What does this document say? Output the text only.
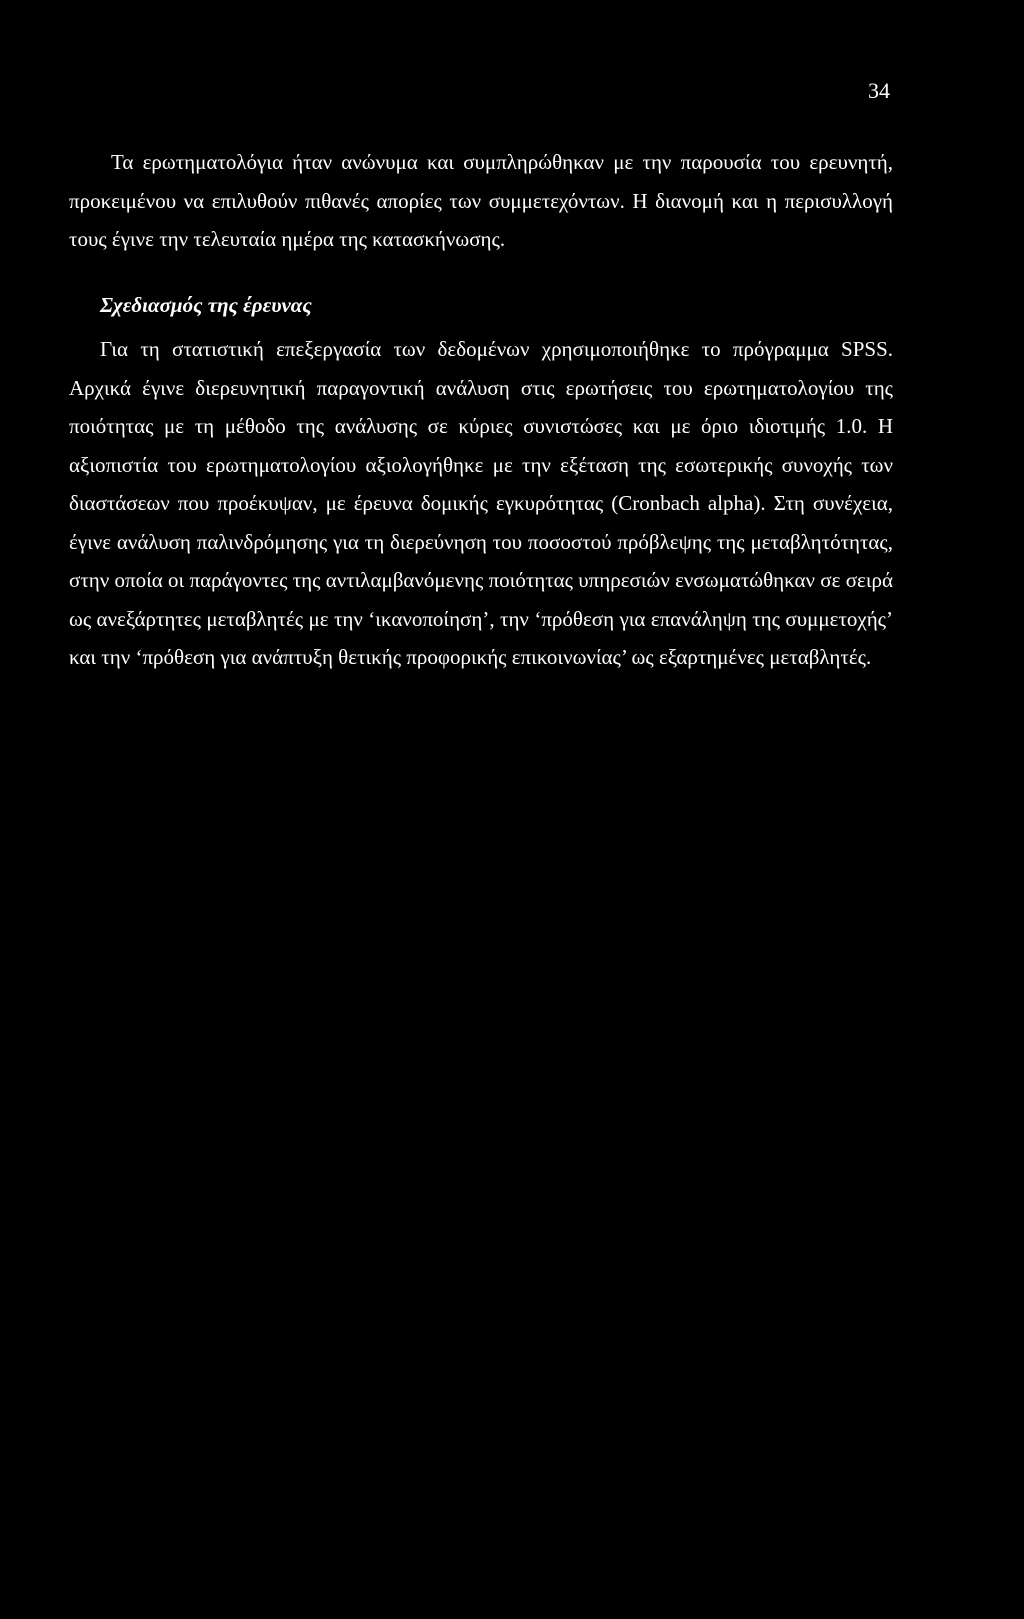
34

Τα ερωτηματολόγια ήταν ανώνυμα και συμπληρώθηκαν με την παρουσία του ερευνητή, προκειμένου να επιλυθούν πιθανές απορίες των συμμετεχόντων. Η διανομή και η περισυλλογή τους έγινε την τελευταία ημέρα της κατασκήνωσης.

Σχεδιασμός της έρευνας

Για τη στατιστική επεξεργασία των δεδομένων χρησιμοποιήθηκε το πρόγραμμα SPSS. Αρχικά έγινε διερευνητική παραγοντική ανάλυση στις ερωτήσεις του ερωτηματολογίου της ποιότητας με τη μέθοδο της ανάλυσης σε κύριες συνιστώσες και με όριο ιδιοτιμής 1.0. Η αξιοπιστία του ερωτηματολογίου αξιολογήθηκε με την εξέταση της εσωτερικής συνοχής των διαστάσεων που προέκυψαν, με έρευνα δομικής εγκυρότητας (Cronbach alpha). Στη συνέχεια, έγινε ανάλυση παλινδρόμησης για τη διερεύνηση του ποσοστού πρόβλεψης της μεταβλητότητας, στην οποία οι παράγοντες της αντιλαμβανόμενης ποιότητας υπηρεσιών ενσωματώθηκαν σε σειρά ως ανεξάρτητες μεταβλητές με την ‘ικανοποίηση’, την ‘πρόθεση για επανάληψη της συμμετοχής’ και την ‘πρόθεση για ανάπτυξη θετικής προφορικής επικοινωνίας’ ως εξαρτημένες μεταβλητές.
